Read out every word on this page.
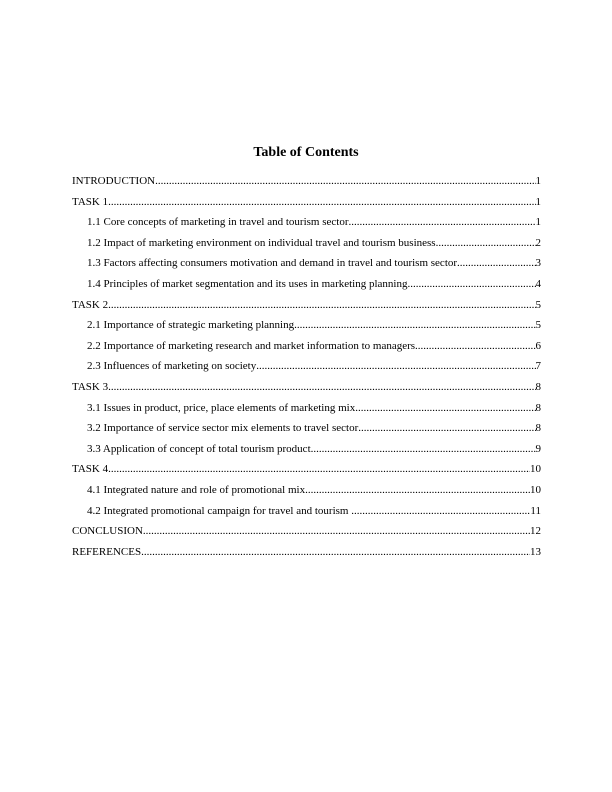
Table of Contents
INTRODUCTION .....	1
TASK 1 .....	1
1.1 Core concepts of marketing in travel and tourism sector .....	1
1.2 Impact of marketing environment on individual travel and tourism business .....	2
1.3 Factors affecting consumers motivation and demand in travel and tourism sector .....	3
1.4 Principles of market segmentation and its uses in marketing planning .....	4
TASK 2 .....	5
2.1 Importance of strategic marketing planning .....	5
2.2 Importance of marketing research and market information to managers .....	6
2.3 Influences of marketing on society .....	7
TASK 3 .....	8
3.1 Issues in product, price, place elements of marketing mix .....	8
3.2 Importance of service sector mix elements to travel sector .....	8
3.3 Application of concept of total tourism product .....	9
TASK 4 .....	10
4.1 Integrated nature and role of promotional mix .....	10
4.2 Integrated promotional campaign for travel and tourism .....	11
CONCLUSION .....	12
REFERENCES .....	13
